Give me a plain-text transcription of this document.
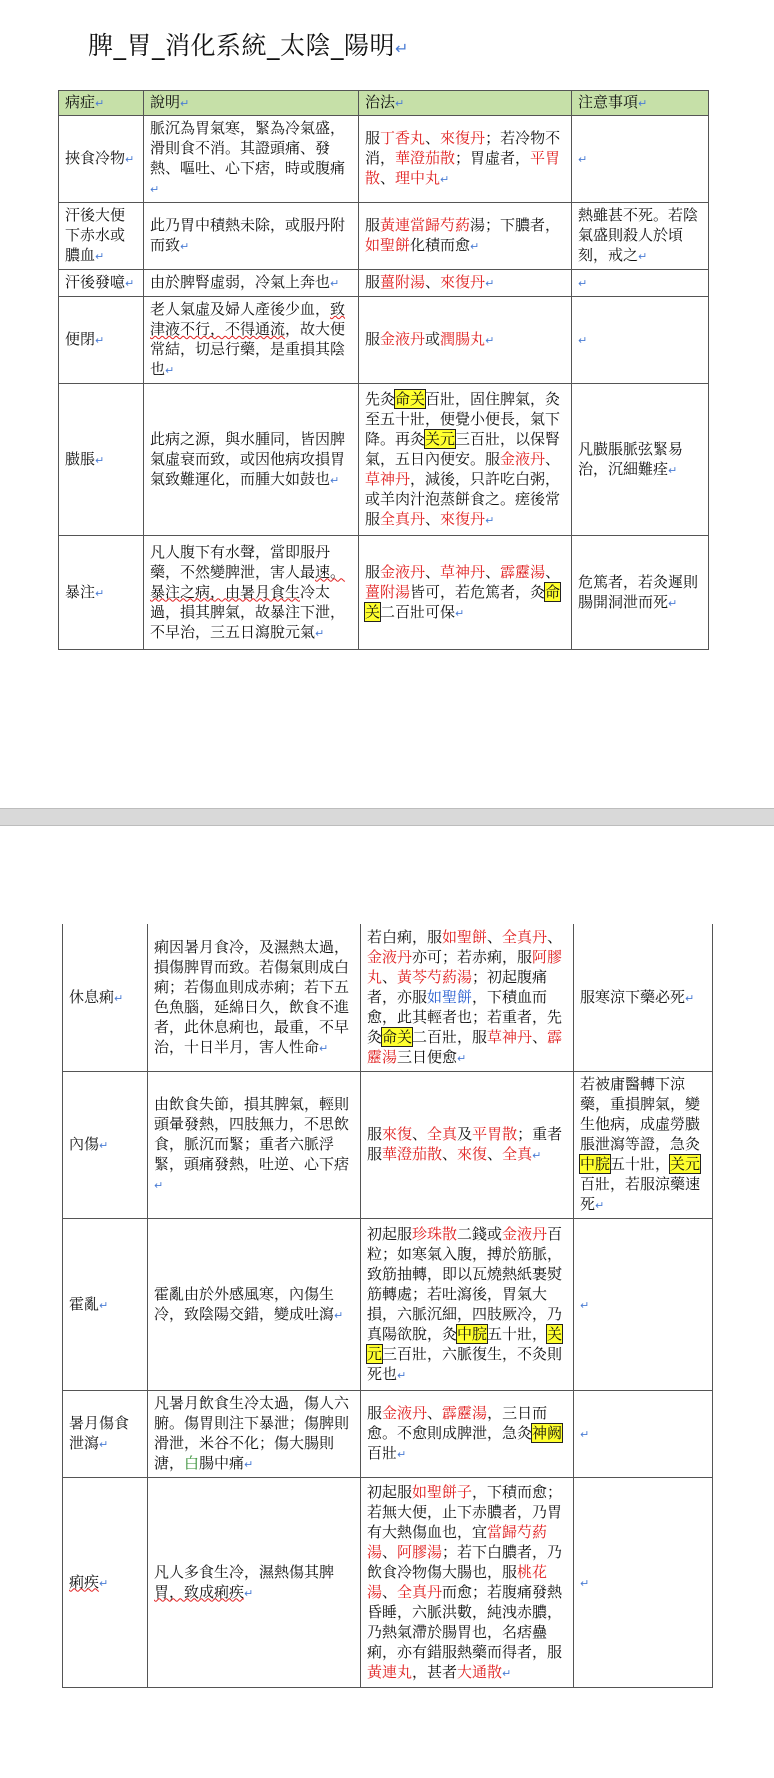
脾_胃_消化系統_太陰_陽明↵
病症↵	說明↵	治法↵	注意事項↵
挾食冷物↵	脈沉為胃氣寒，緊為冷氣盛，滑則食不消。其證頭痛、發熱、嘔吐、心下痞，時或腹痛↵	服丁香丸、來復丹；若冷物不消，華澄茄散；胃虛者，平胃散、理中丸↵	↵
汗後大便下赤水或膿血↵	此乃胃中積熱未除，或服丹附而致↵	服黃連當歸芍葯湯；下膿者，如聖餅化積而愈↵	熱雖甚不死。若陰氣盛則殺人於頃刻，戒之↵
汗後發噫↵	由於脾腎虛弱，冷氣上奔也↵	服薑附湯、來復丹↵	↵
便閉↵	老人氣虛及婦人產後少血，致津液不行，不得通流，故大便常結，切忌行藥，是重損其陰也↵	服金液丹或潤腸丸↵	↵
臌脹↵	此病之源，與水腫同，皆因脾氣虛衰而致，或因他病攻損胃氣致難運化，而腫大如鼓也↵	先灸命关百壯，固住脾氣，灸至五十壯，便覺小便長，氣下降。再灸关元三百壯，以保腎氣，五日內便安。服金液丹、草神丹，減後，只許吃白粥，或羊肉汁泡蒸餅食之。瘥後常服全真丹、來復丹↵	凡臌脹脈弦緊易治，沉細難痊↵
暴注↵	凡人腹下有水聲，當即服丹藥，不然變脾泄，害人最速。暴注之病，由暑月食生冷太過，損其脾氣，故暴注下泄，不早治，三五日瀉脫元氣↵	服金液丹、草神丹、霹靂湯、薑附湯皆可，若危篤者，灸命关二百壯可保↵	危篤者，若灸遲則腸開洞泄而死↵
休息痢↵	痢因暑月食冷，及濕熱太過，損傷脾胃而致。若傷氣則成白痢；若傷血則成赤痢；若下五色魚腦，延綿日久，飲食不進者，此休息痢也，最重，不早治，十日半月，害人性命↵	若白痢，服如聖餅、全真丹、金液丹亦可；若赤痢，服阿膠丸、黃芩芍葯湯；初起腹痛者，亦服如聖餅，下積血而愈，此其輕者也；若重者，先灸命关二百壯，服草神丹、霹靂湯三日便愈↵	服寒涼下藥必死↵
內傷↵	由飲食失節，損其脾氣，輕則頭暈發熱，四肢無力，不思飲食，脈沉而緊；重者六脈浮緊，頭痛發熱，吐逆、心下痞↵	服來復、全真及平胃散；重者服華澄茄散、來復、全真↵	若被庸醫轉下涼藥，重損脾氣，變生他病，成虛勞臌脹泄瀉等證，急灸中脘五十壯，关元百壯，若服涼藥速死↵
霍亂↵	霍亂由於外感風寒，內傷生冷，致陰陽交錯，變成吐瀉↵	初起服珍珠散二錢或金液丹百粒；如寒氣入腹，搏於筋脈，致筋抽轉，即以瓦燒熱紙裹熨筋轉處；若吐瀉後，胃氣大損，六脈沉細，四肢厥冷，乃真陽欲脫，灸中脘五十壯，关元三百壯，六脈復生，不灸則死也↵	↵
暑月傷食泄瀉↵	凡暑月飲食生冷太過，傷人六腑。傷胃則注下暴泄；傷脾則滑泄，米谷不化；傷大腸則溏，白腸中痛↵	服金液丹、霹靂湯，三日而愈。不愈則成脾泄，急灸神阙百壯↵	↵
痢疾↵	凡人多食生冷，濕熱傷其脾胃，致成痢疾↵	初起服如聖餅子，下積而愈；若無大便，止下赤膿者，乃胃有大熱傷血也，宜當歸芍葯湯、阿膠湯；若下白膿者，乃飲食冷物傷大腸也，服桃花湯、全真丹而愈；若腹痛發熱昏睡，六脈洪數，純洩赤膿，乃熱氣滯於腸胃也，名痞蠱痢，亦有錯服熱藥而得者，服黃連丸，甚者大通散↵	↵
